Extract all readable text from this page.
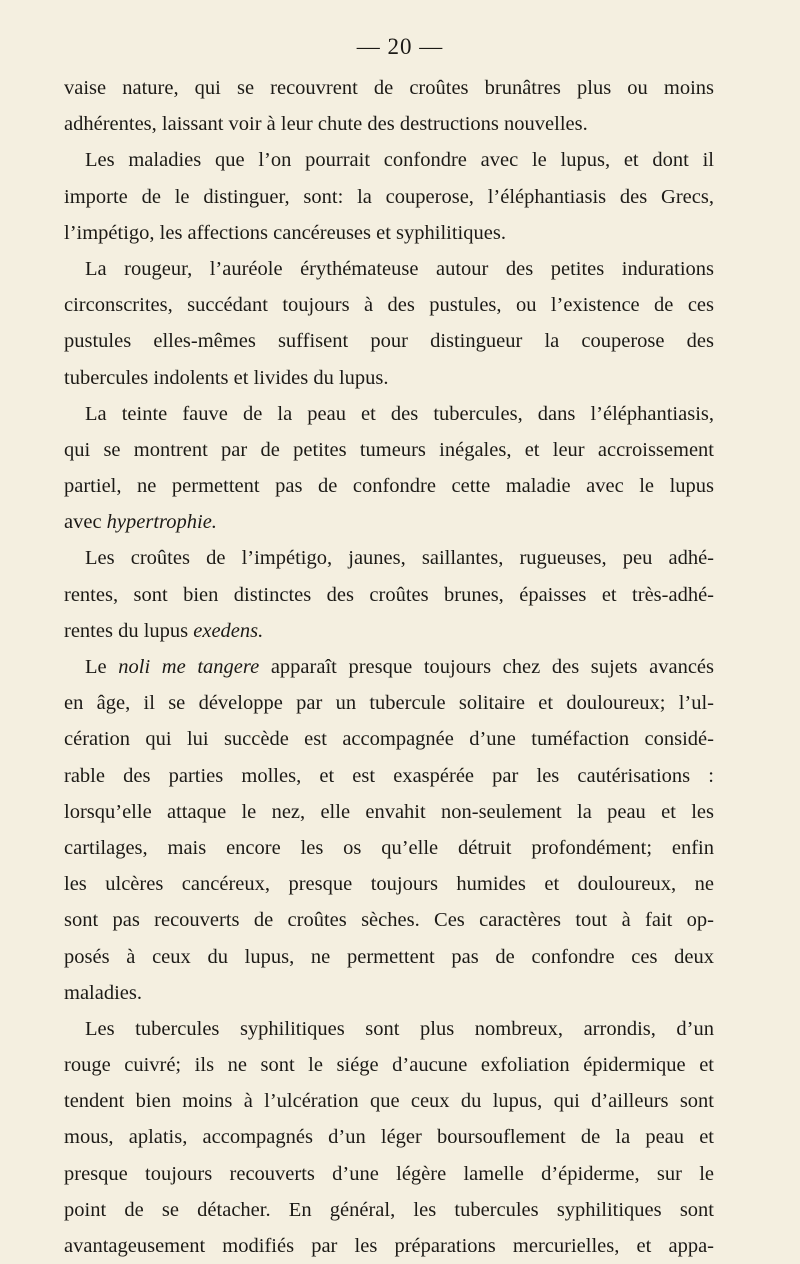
— 20 —
vaise nature, qui se recouvrent de croûtes brunâtres plus ou moins
adhérentes, laissant voir à leur chute des destructions nouvelles.
Les maladies que l’on pourrait confondre avec le lupus, et dont il
importe de le distinguer, sont: la couperose, l’éléphantiasis des Grecs,
l’impétigo, les affections cancéreuses et syphilitiques.
La rougeur, l’auréole érythémateuse autour des petites indurations
circonscrites, succédant toujours à des pustules, ou l’existence de ces
pustules elles-mêmes suffisent pour distingueur la couperose des
tubercules indolents et livides du lupus.
La teinte fauve de la peau et des tubercules, dans l’éléphantiasis,
qui se montrent par de petites tumeurs inégales, et leur accroissement
partiel, ne permettent pas de confondre cette maladie avec le lupus
avec hypertrophie.
Les croûtes de l’impétigo, jaunes, saillantes, rugueuses, peu adhé-
rentes, sont bien distinctes des croûtes brunes, épaisses et très-adhé-
rentes du lupus exedens.
Le noli me tangere apparaît presque toujours chez des sujets avancés
en âge, il se développe par un tubercule solitaire et douloureux; l’ul-
cération qui lui succède est accompagnée d’une tuméfaction considé-
rable des parties molles, et est exaspérée par les cautérisations :
lorsqu’elle attaque le nez, elle envahit non-seulement la peau et les
cartilages, mais encore les os qu’elle détruit profondément; enfin
les ulcères cancéreux, presque toujours humides et douloureux, ne
sont pas recouverts de croûtes sèches. Ces caractères tout à fait op-
posés à ceux du lupus, ne permettent pas de confondre ces deux
maladies.
Les tubercules syphilitiques sont plus nombreux, arrondis, d’un
rouge cuivré; ils ne sont le siége d’aucune exfoliation épidermique et
tendent bien moins à l’ulcération que ceux du lupus, qui d’ailleurs sont
mous, aplatis, accompagnés d’un léger boursouflement de la peau et
presque toujours recouverts d’une légère lamelle d’épiderme, sur le
point de se détacher. En général, les tubercules syphilitiques sont
avantageusement modifiés par les préparations mercurielles, et appa-
